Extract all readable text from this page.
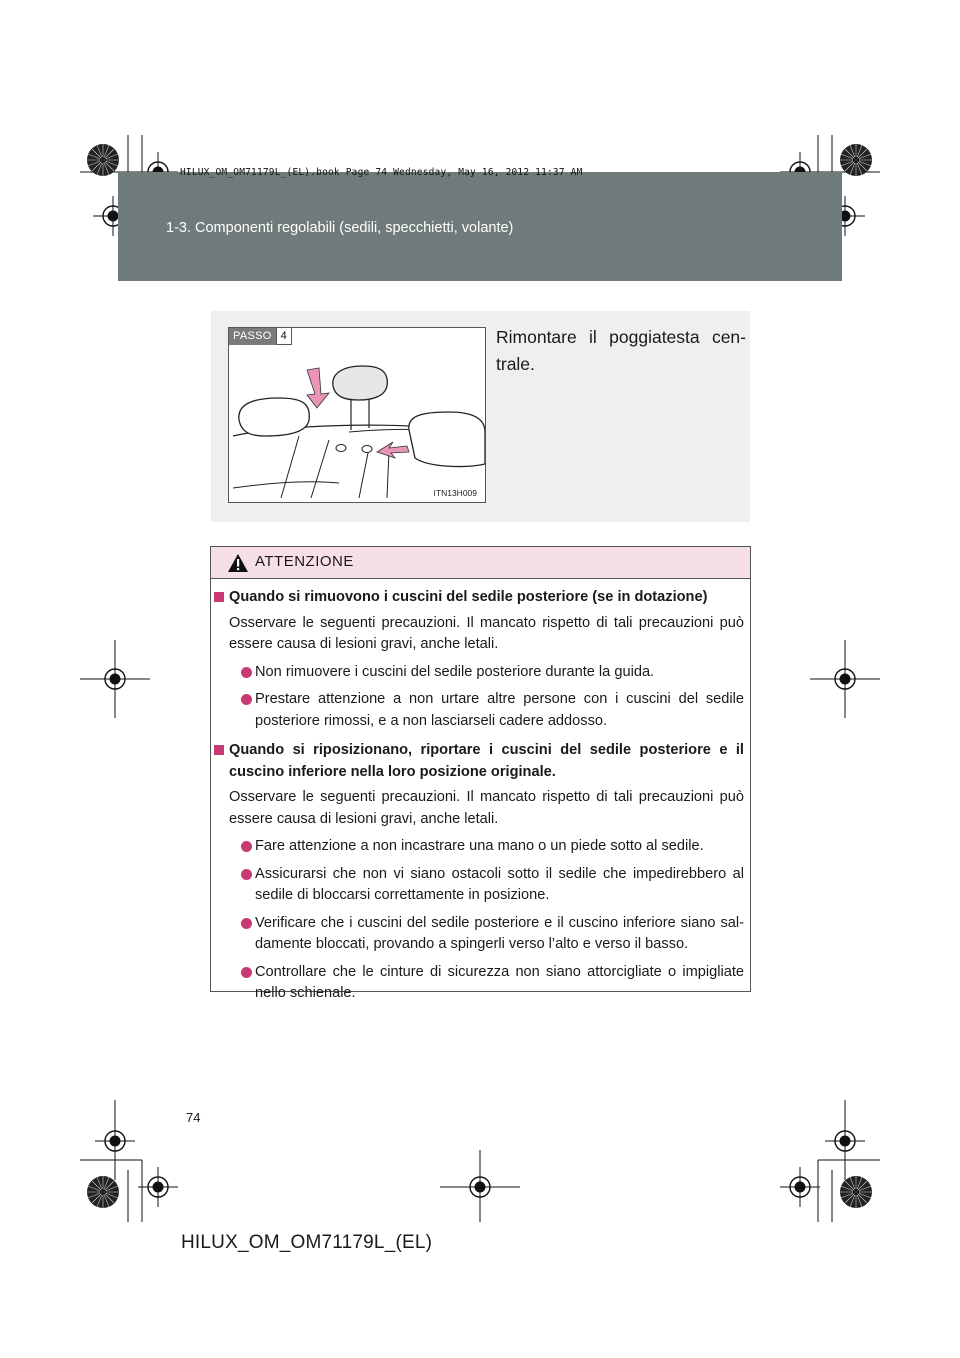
HILUX_OM_OM71179L_(EL).book Page 74 Wednesday, May 16, 2012 11:37 AM
1-3. Componenti regolabili (sedili, specchietti, volante)
PASSO 4
ITN13H009
Rimontare il poggiatesta cen- trale.
ATTENZIONE
Quando si rimuovono i cuscini del sedile posteriore (se in dotazione)
Osservare le seguenti precauzioni. Il mancato rispetto di tali precauzioni può essere causa di lesioni gravi, anche letali.
Non rimuovere i cuscini del sedile posteriore durante la guida.
Prestare attenzione a non urtare altre persone con i cuscini del sedile posteriore rimossi, e a non lasciarseli cadere addosso.
Quando si riposizionano, riportare i cuscini del sedile posteriore e il cuscino inferiore nella loro posizione originale.
Osservare le seguenti precauzioni. Il mancato rispetto di tali precauzioni può essere causa di lesioni gravi, anche letali.
Fare attenzione a non incastrare una mano o un piede sotto al sedile.
Assicurarsi che non vi siano ostacoli sotto il sedile che impedirebbero al sedile di bloccarsi correttamente in posizione.
Verificare che i cuscini del sedile posteriore e il cuscino inferiore siano sal- damente bloccati, provando a spingerli verso l’alto e verso il basso.
Controllare che le cinture di sicurezza non siano attorcigliate o impigliate nello schienale.
74
HILUX_OM_OM71179L_(EL)
